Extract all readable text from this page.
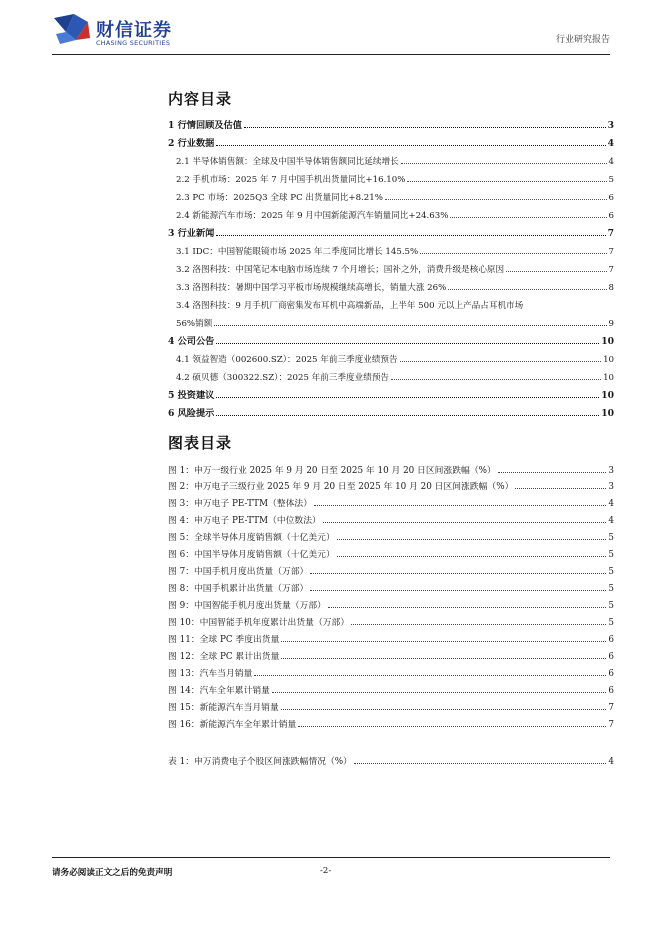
财信证券
CHASING SECURITIES	行业研究报告
内容目录
1 行情回顾及估值	3
2 行业数据	4
2.1 半导体销售额：全球及中国半导体销售额同比延续增长	4
2.2 手机市场：2025 年 7 月中国手机出货量同比+16.10%	5
2.3 PC 市场：2025Q3 全球 PC 出货量同比+8.21%	6
2.4 新能源汽车市场：2025 年 9 月中国新能源汽车销量同比+24.63%	6
3 行业新闻	7
3.1 IDC：中国智能眼镜市场 2025 年二季度同比增长 145.5%	7
3.2 洛图科技：中国笔记本电脑市场连续 7 个月增长；国补之外，消费升级是核心原因	7
3.3 洛图科技：暑期中国学习平板市场规模继续高增长，销量大涨 26%	8
3.4 洛图科技：9 月手机厂商密集发布耳机中高端新品，上半年 500 元以上产品占耳机市场
56%销额	9
4 公司公告	10
4.1 领益智造（002600.SZ）：2025 年前三季度业绩预告	10
4.2 硕贝德（300322.SZ）：2025 年前三季度业绩预告	10
5 投资建议	10
6 风险提示	10
图表目录
图 1：申万一级行业 2025 年 9 月 20 日至 2025 年 10 月 20 日区间涨跌幅（%）	3
图 2：申万电子三级行业 2025 年 9 月 20 日至 2025 年 10 月 20 日区间涨跌幅（%）	3
图 3：申万电子 PE-TTM（整体法）	4
图 4：申万电子 PE-TTM（中位数法）	4
图 5：全球半导体月度销售额（十亿美元）	5
图 6：中国半导体月度销售额（十亿美元）	5
图 7：中国手机月度出货量（万部）	5
图 8：中国手机累计出货量（万部）	5
图 9：中国智能手机月度出货量（万部）	5
图 10：中国智能手机年度累计出货量（万部）	5
图 11：全球 PC 季度出货量	6
图 12：全球 PC 累计出货量	6
图 13：汽车当月销量	6
图 14：汽车全年累计销量	6
图 15：新能源汽车当月销量	7
图 16：新能源汽车全年累计销量	7
表 1：申万消费电子个股区间涨跌幅情况（%）	4
请务必阅读正文之后的免责声明	-2-
